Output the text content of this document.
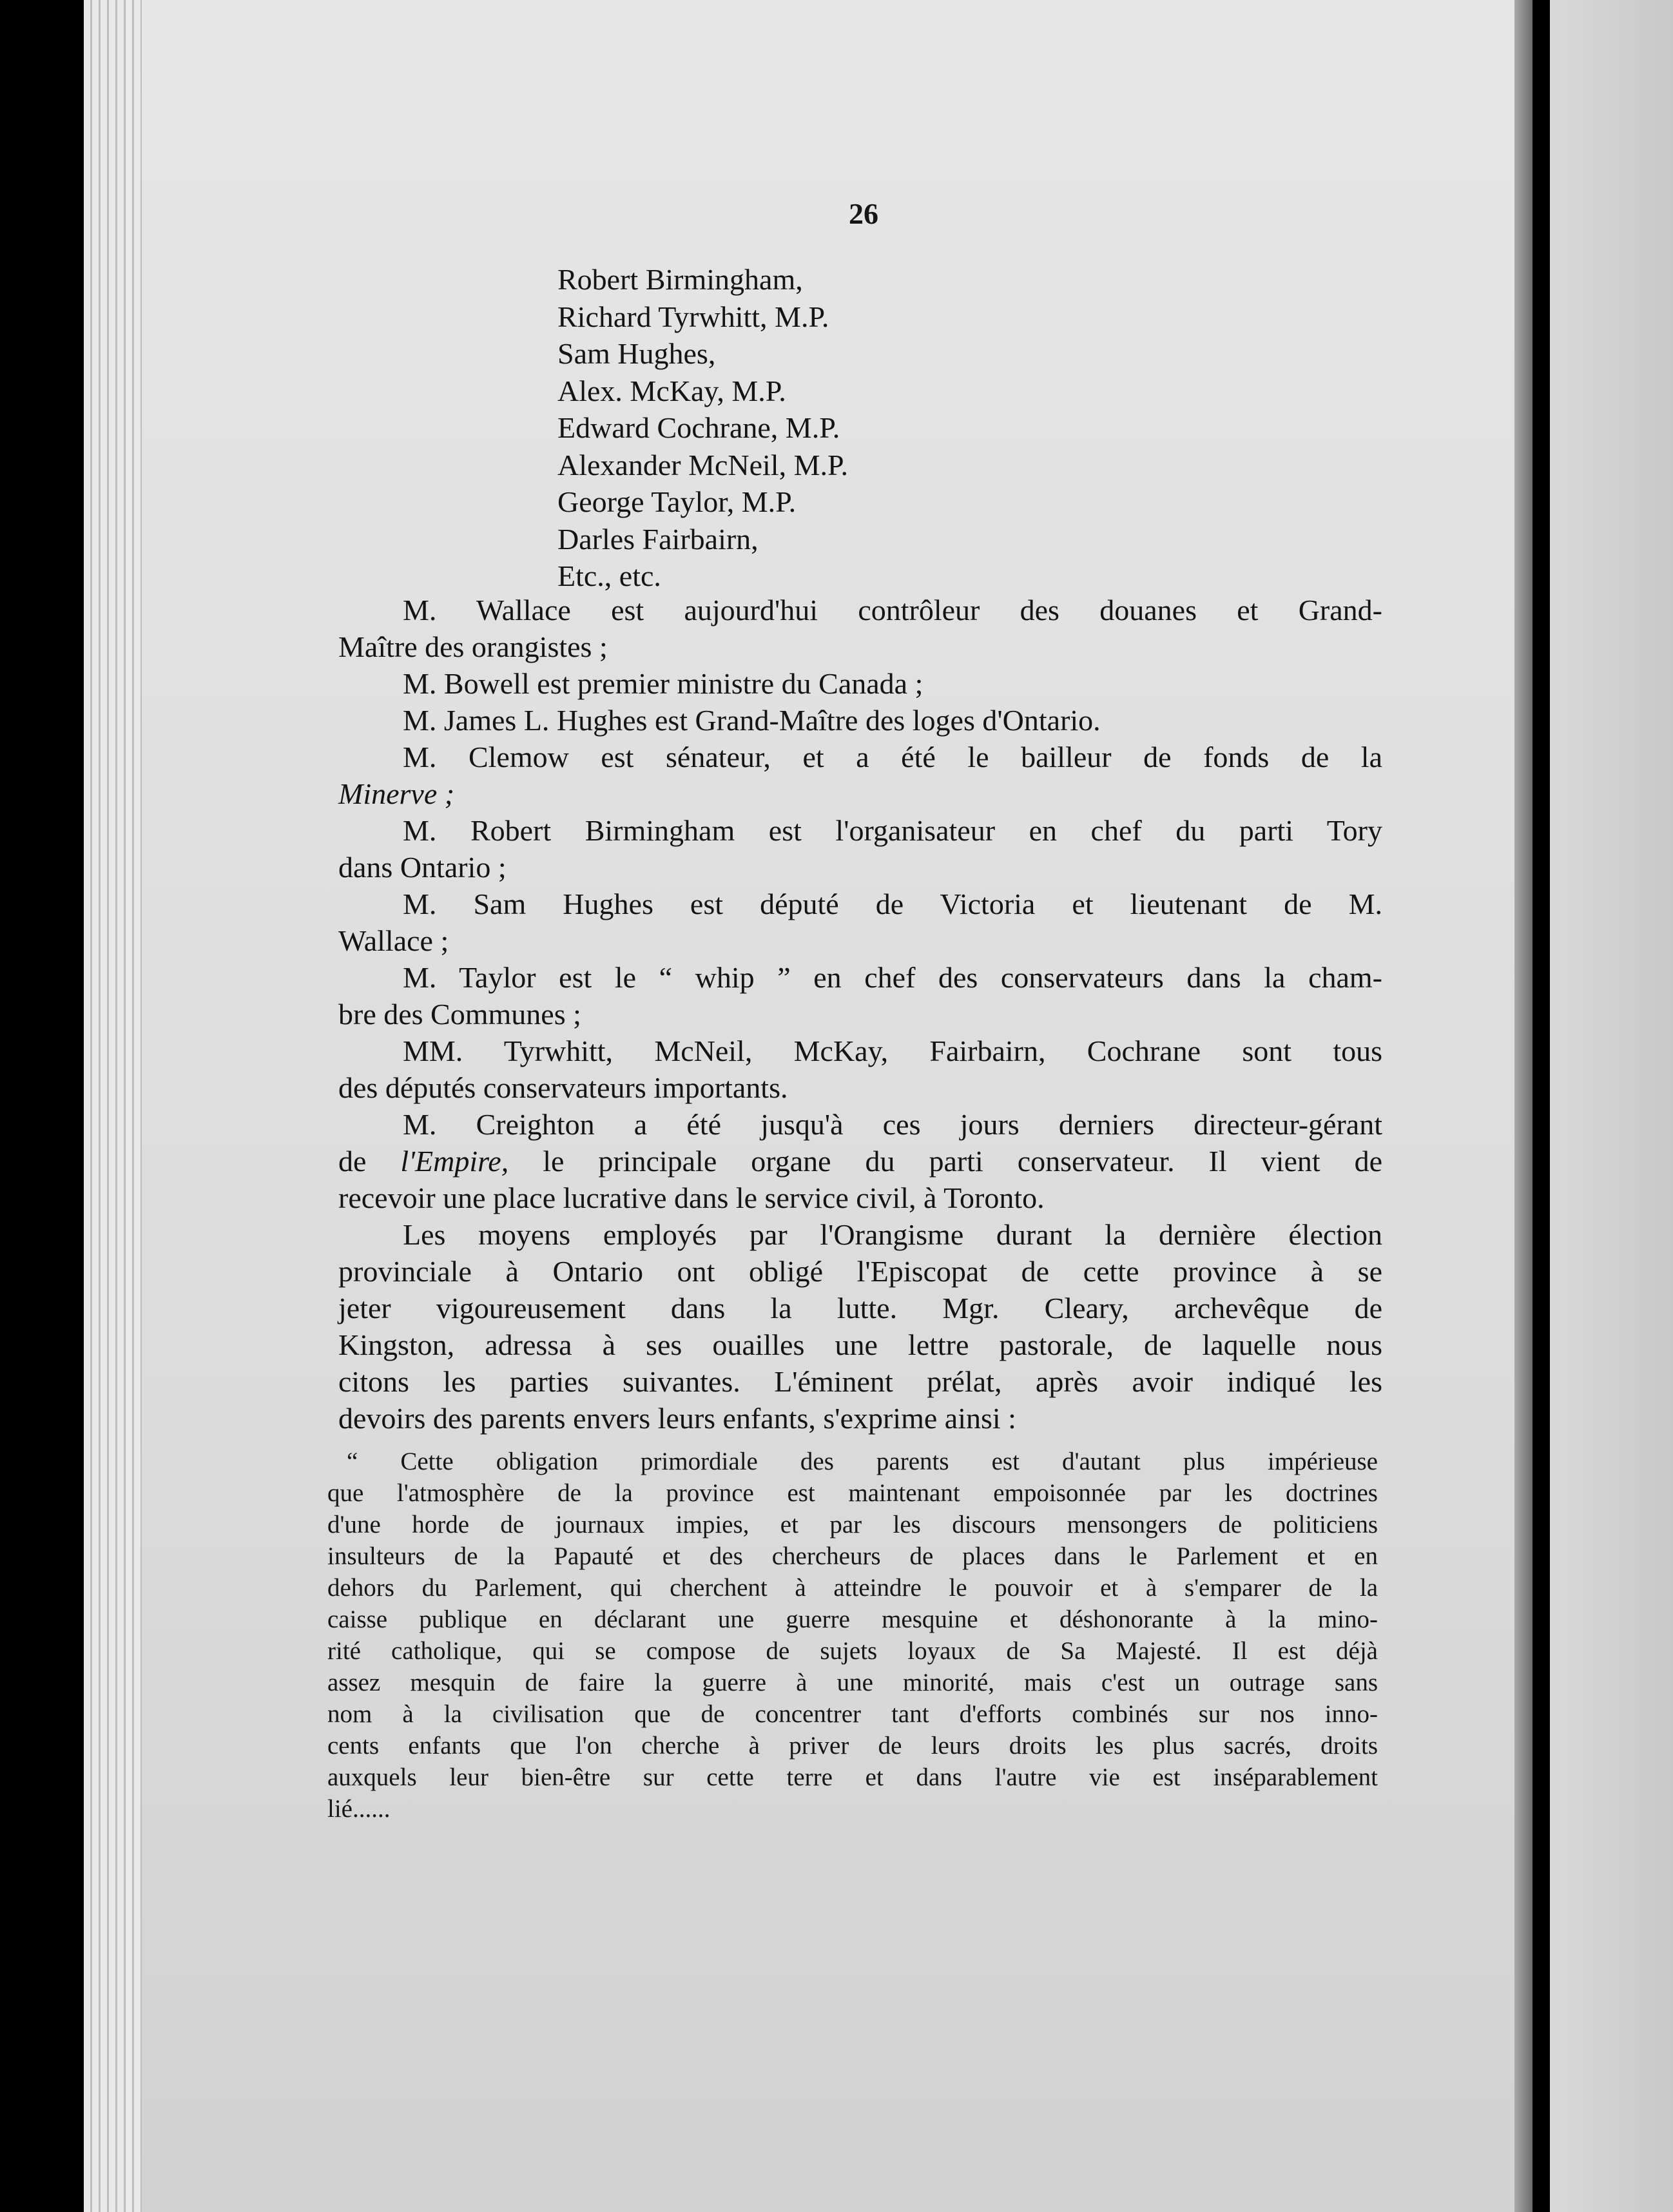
26
Robert Birmingham,
Richard Tyrwhitt, M.P.
Sam Hughes,
Alex. McKay, M.P.
Edward Cochrane, M.P.
Alexander McNeil, M.P.
George Taylor, M.P.
Darles Fairbairn,
Etc., etc.
M. Wallace est aujourd'hui contrôleur des douanes et Grand-
Maître des orangistes ;
M. Bowell est premier ministre du Canada ;
M. James L. Hughes est Grand-Maître des loges d'Ontario.
M. Clemow est sénateur, et a été le bailleur de fonds de la
Minerve ;
M. Robert Birmingham est l'organisateur en chef du parti Tory
dans Ontario ;
M. Sam Hughes est député de Victoria et lieutenant de M.
Wallace ;
M. Taylor est le “ whip ” en chef des conservateurs dans la cham-
bre des Communes ;
MM. Tyrwhitt, McNeil, McKay, Fairbairn, Cochrane sont tous
des députés conservateurs importants.
M. Creighton a été jusqu'à ces jours derniers directeur-gérant
de l'Empire, le principale organe du parti conservateur. Il vient de
recevoir une place lucrative dans le service civil, à Toronto.
Les moyens employés par l'Orangisme durant la dernière élection
provinciale à Ontario ont obligé l'Episcopat de cette province à se
jeter vigoureusement dans la lutte. Mgr. Cleary, archevêque de
Kingston, adressa à ses ouailles une lettre pastorale, de laquelle nous
citons les parties suivantes. L'éminent prélat, après avoir indiqué les
devoirs des parents envers leurs enfants, s'exprime ainsi :
“ Cette obligation primordiale des parents est d'autant plus impérieuse
que l'atmosphère de la province est maintenant empoisonnée par les doctrines
d'une horde de journaux impies, et par les discours mensongers de politiciens
insulteurs de la Papauté et des chercheurs de places dans le Parlement et en
dehors du Parlement, qui cherchent à atteindre le pouvoir et à s'emparer de la
caisse publique en déclarant une guerre mesquine et déshonorante à la mino-
rité catholique, qui se compose de sujets loyaux de Sa Majesté. Il est déjà
assez mesquin de faire la guerre à une minorité, mais c'est un outrage sans
nom à la civilisation que de concentrer tant d'efforts combinés sur nos inno-
cents enfants que l'on cherche à priver de leurs droits les plus sacrés, droits
auxquels leur bien-être sur cette terre et dans l'autre vie est inséparablement
lié......
